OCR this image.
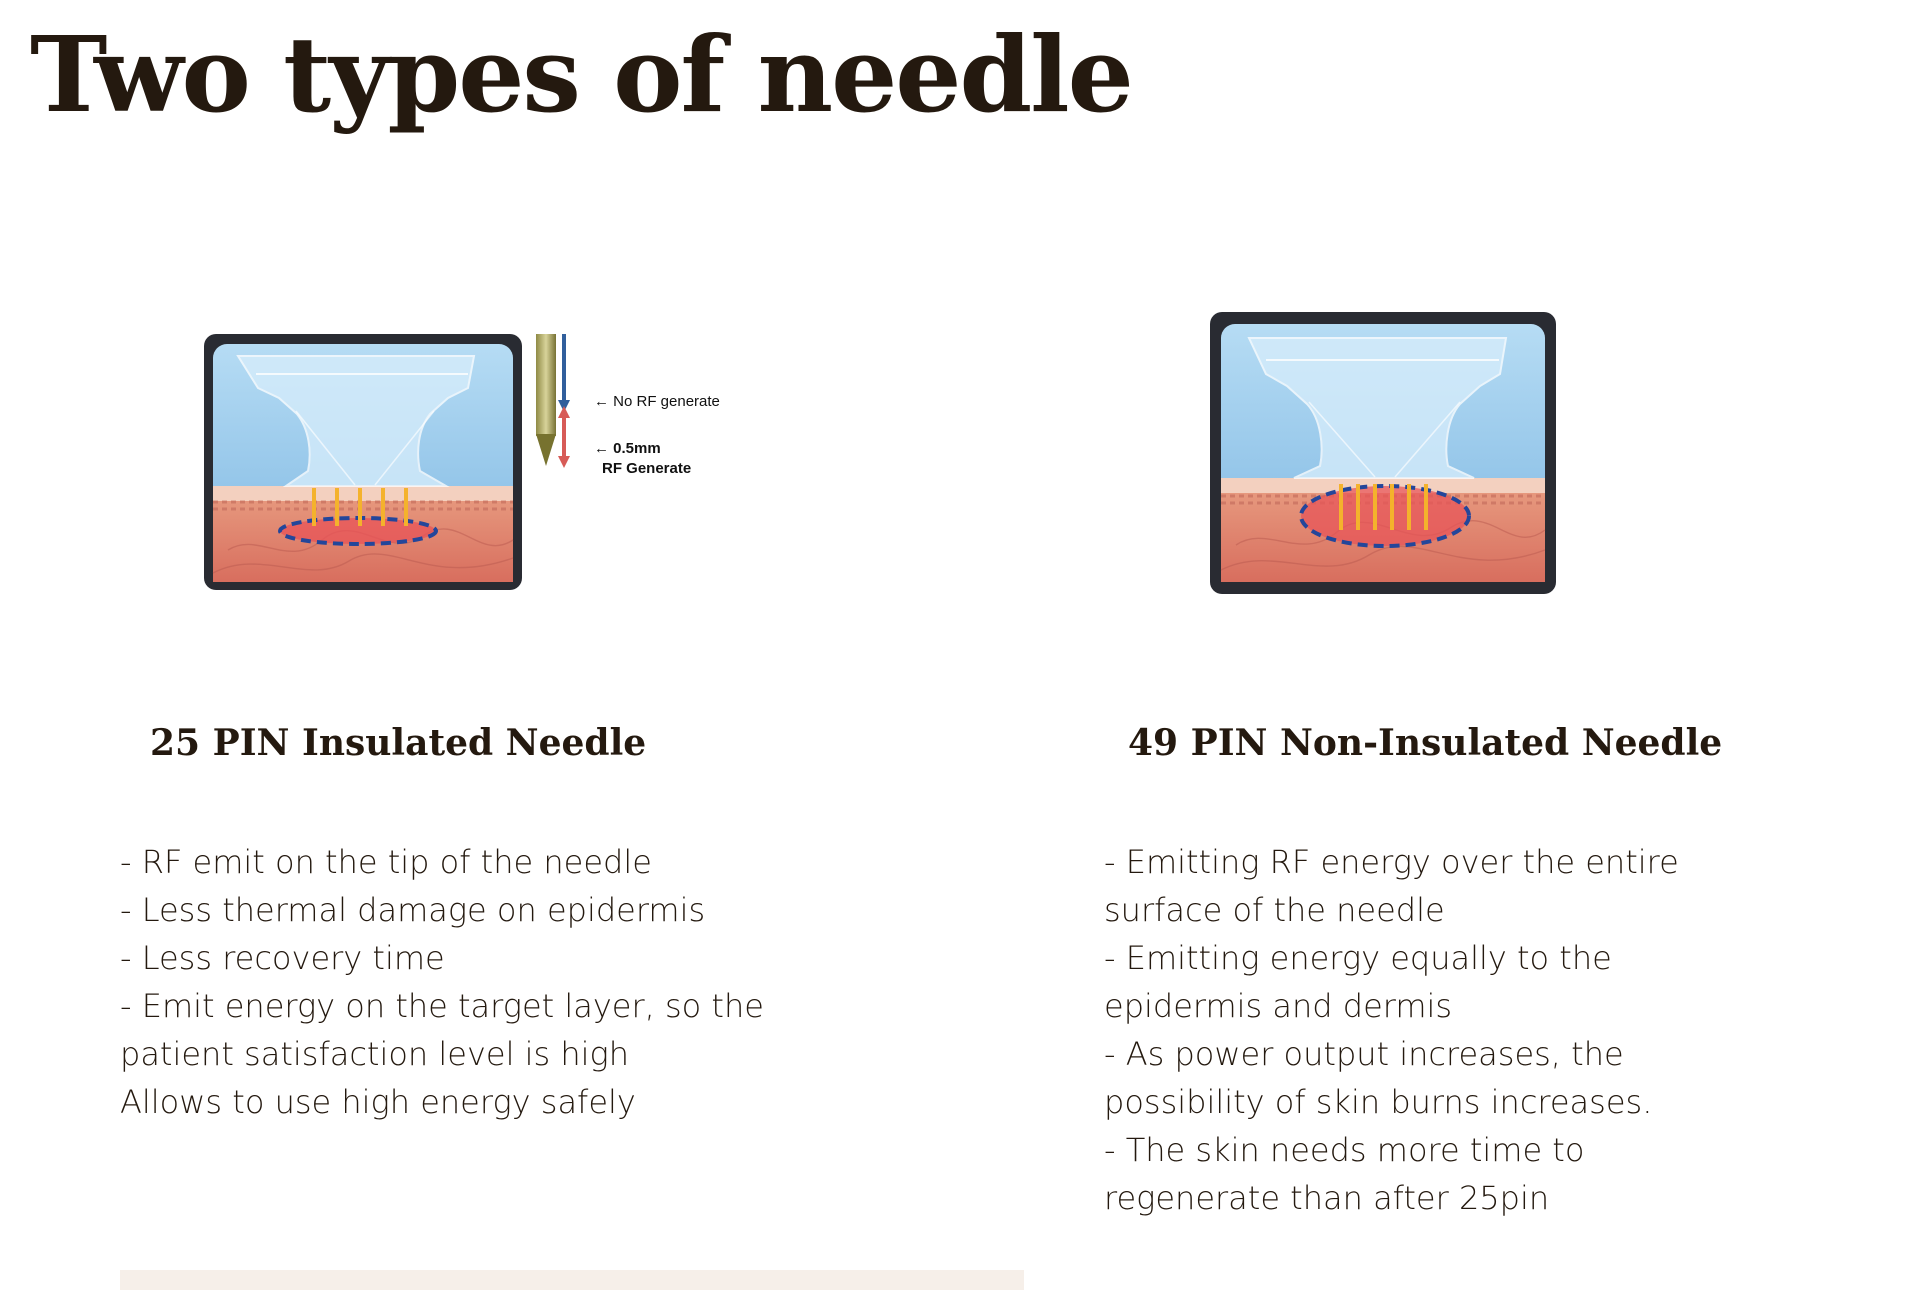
Two types of needle
← No RF generate
← 0.5mm
RF Generate
25 PIN Insulated Needle	49 PIN Non-Insulated Needle

- RF emit on the tip of the needle
- Less thermal damage on epidermis
- Less recovery time
- Emit energy on the target layer, so the
patient satisfaction level is high
Allows to use high energy safely

- Emitting RF energy over the entire
surface of the needle
- Emitting energy equally to the
epidermis and dermis
- As power output increases, the
possibility of skin burns increases.
- The skin needs more time to
regenerate than after 25pin
